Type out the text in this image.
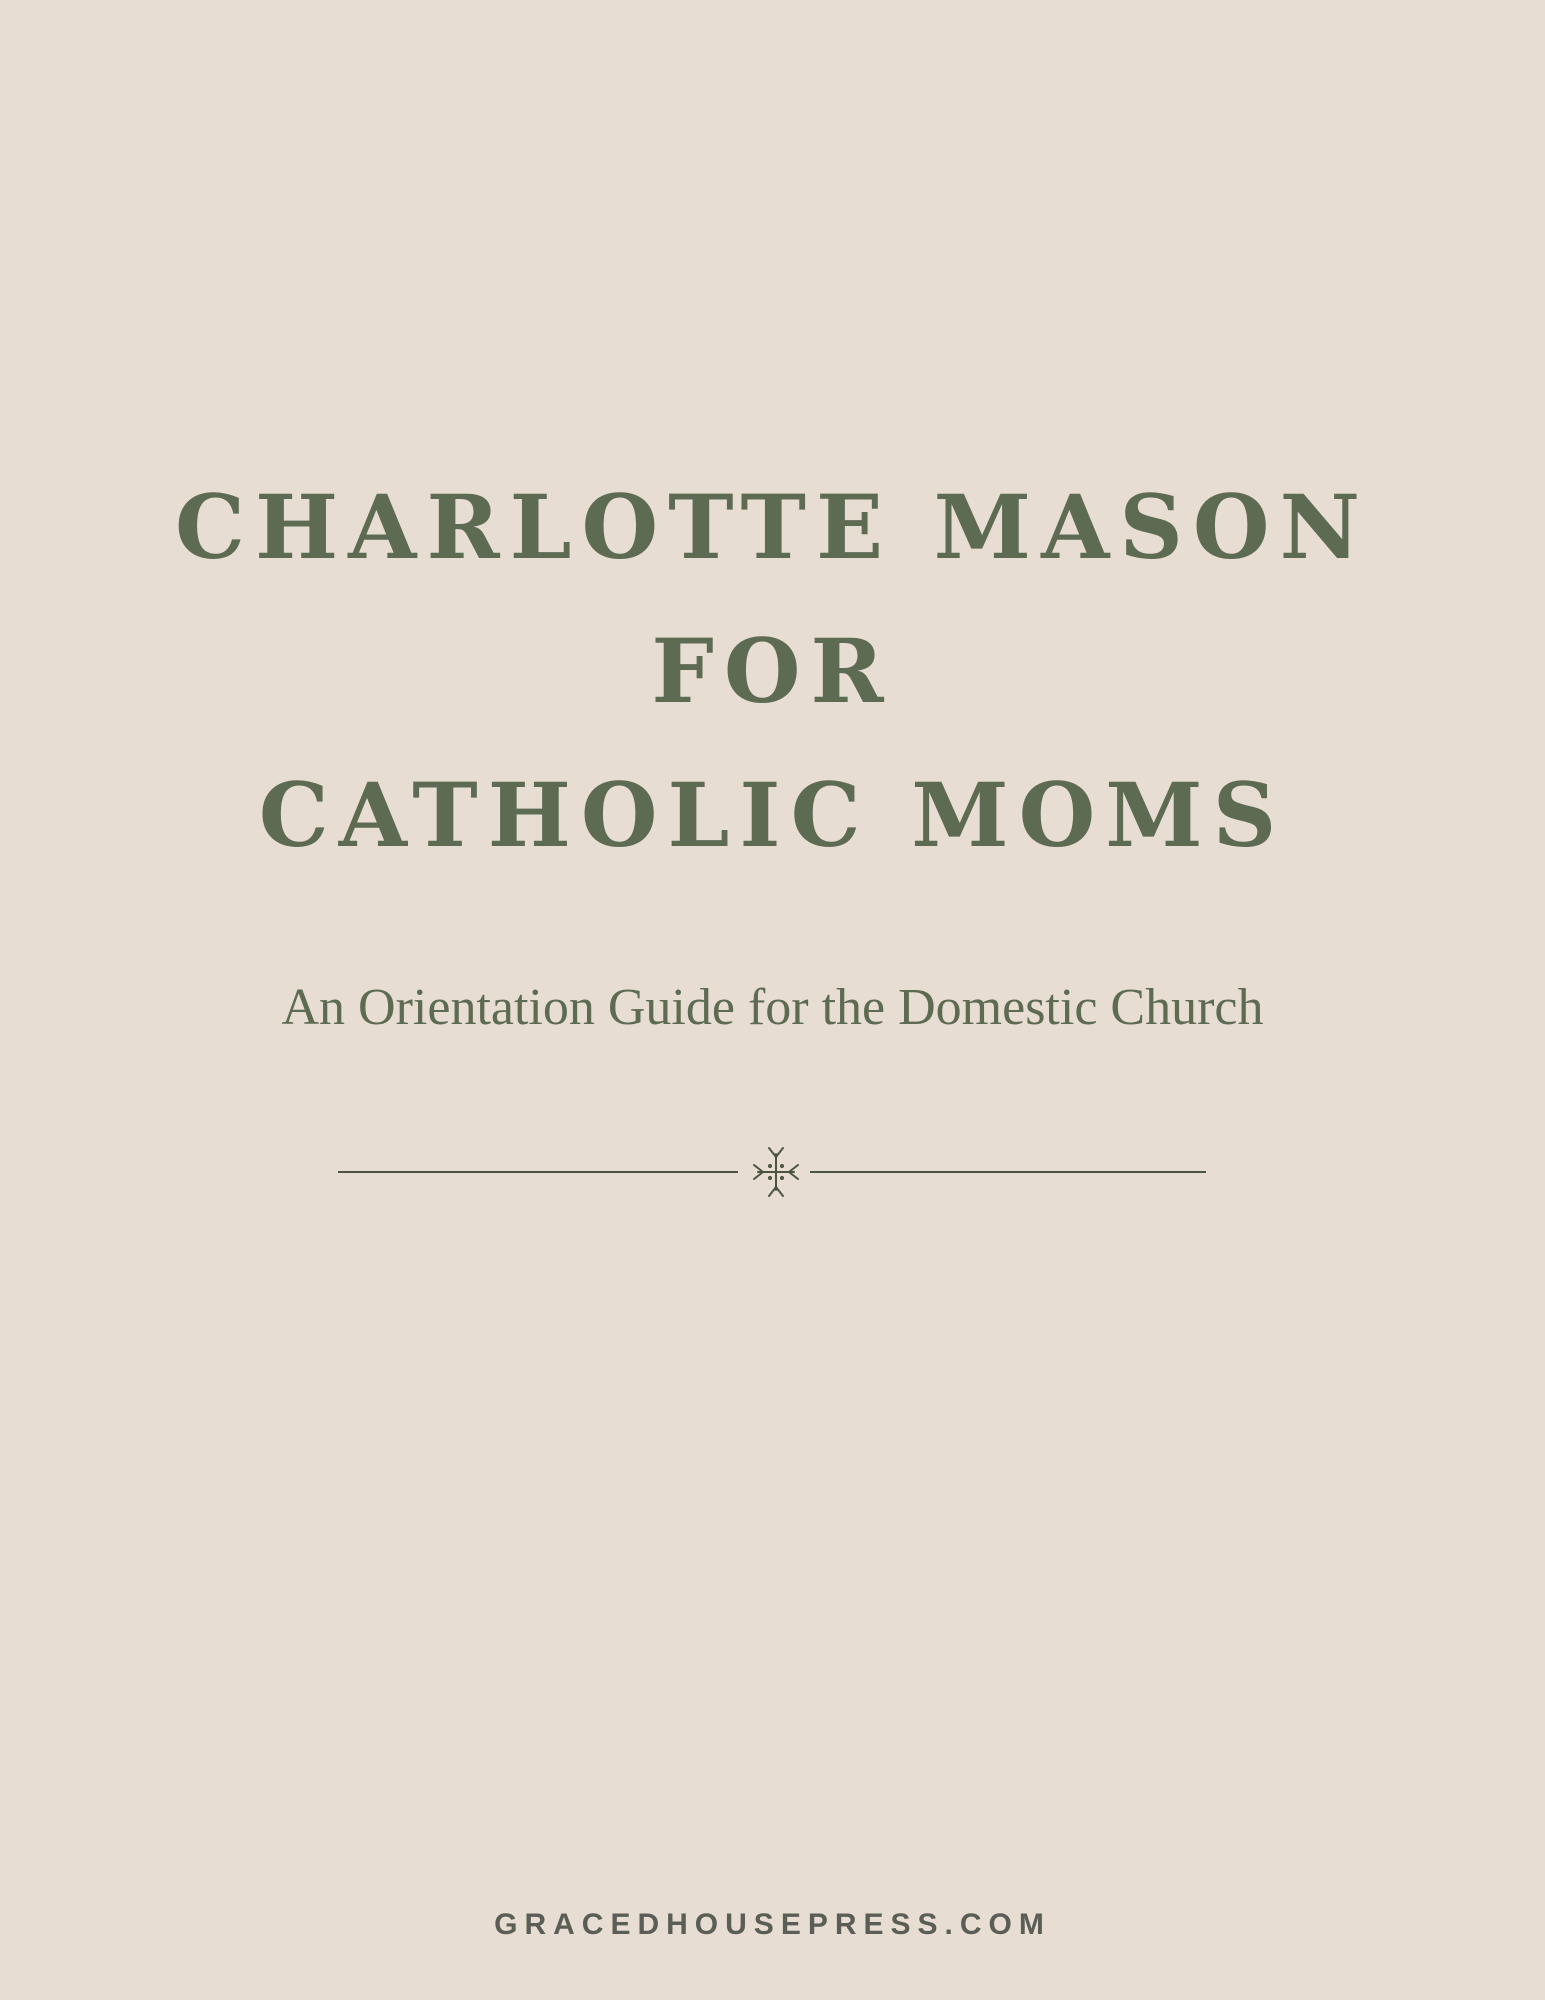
CHARLOTTE MASON
FOR
CATHOLIC MOMS
An Orientation Guide for the Domestic Church
GRACEDHOUSEPRESS.COM
